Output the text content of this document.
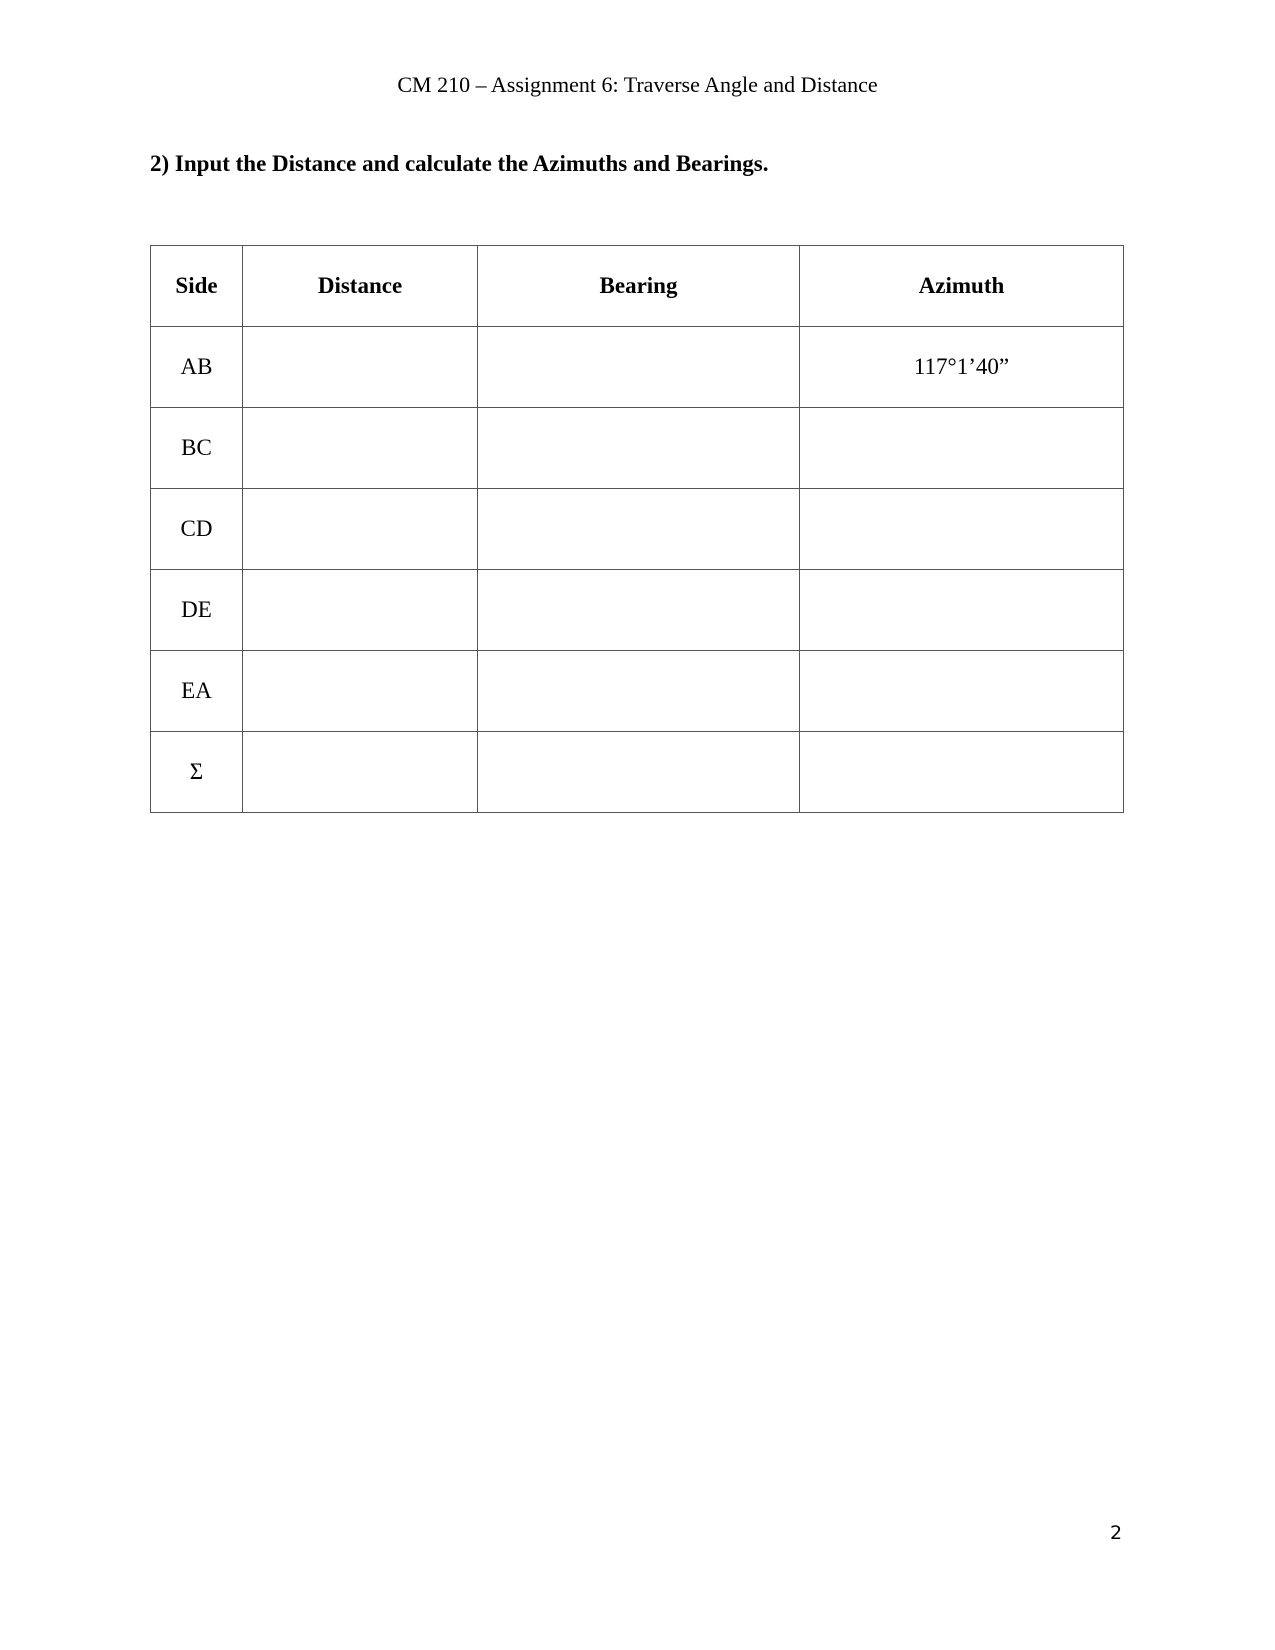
CM 210 – Assignment 6: Traverse Angle and Distance
2) Input the Distance and calculate the Azimuths and Bearings.
Side	Distance	Bearing	Azimuth
AB			117°1’40”
BC			
CD			
DE			
EA			
Σ			
2
